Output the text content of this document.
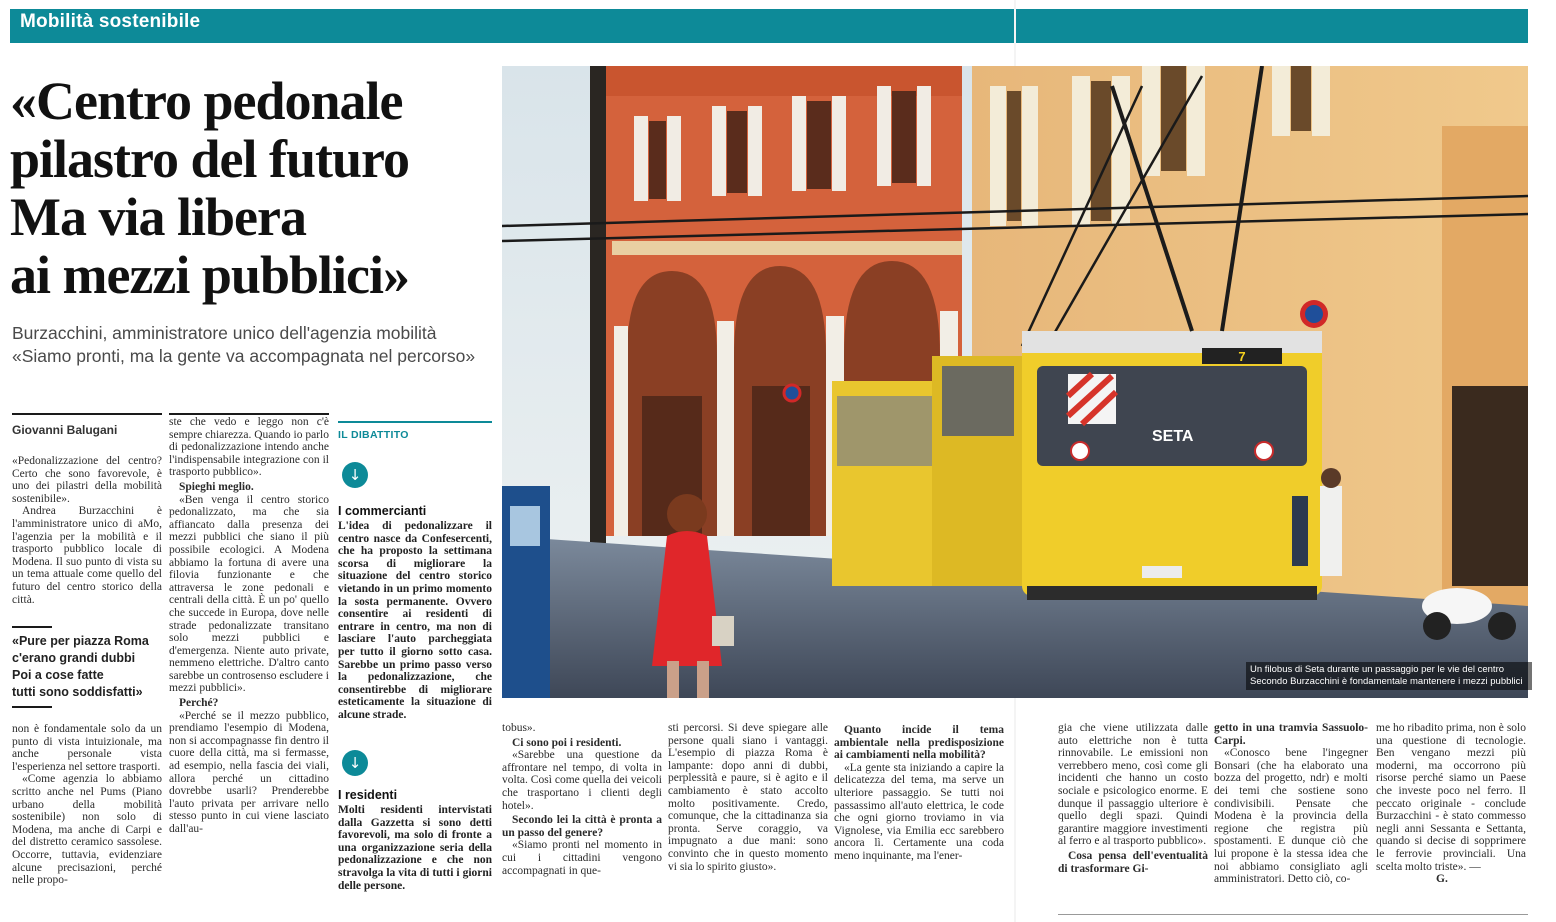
Mobilità sostenibile
«Centro pedonale
pilastro del futuro
Ma via libera
ai mezzi pubblici»
Burzacchini, amministratore unico dell'agenzia mobilità
«Siamo pronti, ma la gente va accompagnata nel percorso»
Giovanni Balugani

«Pedonalizzazione del centro? Certo che sono favorevole, è uno dei pilastri della mobilità sostenibile».

Andrea Burzacchini è l'amministratore unico di aMo, l'agenzia per la mobilità e il trasporto pubblico locale di Modena. Il suo punto di vista su un tema attuale come quello del futuro del centro storico della città.

«Pure per piazza Roma
c'erano grandi dubbi
Poi a cose fatte
tutti sono soddisfatti»

non è fondamentale solo da un punto di vista intuizionale, ma anche personale vista l'esperienza nel settore trasporti.

«Come agenzia lo abbiamo scritto anche nel Pums (Piano urbano della mobilità sostenibile) non solo di Modena, ma anche di Carpi e del distretto ceramico sassolese. Occorre, tuttavia, evidenziare alcune precisazioni, perché nelle propo-

ste che vedo e leggo non c'è sempre chiarezza. Quando io parlo di pedonalizzazione intendo anche l'indispensabile integrazione con il trasporto pubblico».

Spieghi meglio.

«Ben venga il centro storico pedonalizzato, ma che sia affiancato dalla presenza dei mezzi pubblici che siano il più possibile ecologici. A Modena abbiamo la fortuna di avere una filovia funzionante e che attraversa le zone pedonali e centrali della città. È un po' quello che succede in Europa, dove nelle strade pedonalizzate transitano solo mezzi pubblici e d'emergenza. Niente auto private, nemmeno elettriche. D'altro canto sarebbe un controsenso escludere i mezzi pubblici».

Perché?

«Perché se il mezzo pubblico, prendiamo l'esempio di Modena, non si accompagnasse fin dentro il cuore della città, ma si fermasse, ad esempio, nella fascia dei viali, allora perché un cittadino dovrebbe usarli? Prenderebbe l'auto privata per arrivare nello stesso punto in cui viene lasciato dall'au-

IL DIBATTITO
↓
I commercianti

L'idea di pedonalizzare il centro nasce da Confesercenti, che ha proposto la settimana scorsa di migliorare la situazione del centro storico vietando in un primo momento la sosta permanente. Ovvero consentire ai residenti di entrare in centro, ma non di lasciare l'auto parcheggiata per tutto il giorno sotto casa. Sarebbe un primo passo verso la pedonalizzazione, che consentirebbe di migliorare esteticamente la situazione di alcune strade.

↓
I residenti

Molti residenti intervistati dalla Gazzetta si sono detti favorevoli, ma solo di fronte a una organizzazione seria della pedonalizzazione e che non stravolga la vita di tutti i giorni delle persone.

7
SETA
Un filobus di Seta durante un passaggio per le vie del centro
Secondo Burzacchini è fondamentale mantenere i mezzi pubblici

tobus».

Ci sono poi i residenti.

«Sarebbe una questione da affrontare nel tempo, di volta in volta. Così come quella dei veicoli che trasportano i clienti degli hotel».

Secondo lei la città è pronta a un passo del genere?

«Siamo pronti nel momento in cui i cittadini vengono accompagnati in que-

sti percorsi. Si deve spiegare alle persone quali siano i vantaggi. L'esempio di piazza Roma è lampante: dopo anni di dubbi, perplessità e paure, si è agito e il cambiamento è stato accolto molto positivamente. Credo, comunque, che la cittadinanza sia pronta. Serve coraggio, va impugnato a due mani: sono convinto che in questo momento vi sia lo spirito giusto».

Quanto incide il tema ambientale nella predisposizione ai cambiamenti nella mobilità?

«La gente sta iniziando a capire la delicatezza del tema, ma serve un ulteriore passaggio. Se tutti noi passassimo all'auto elettrica, le code che ogni giorno troviamo in via Vignolese, via Emilia ecc sarebbero ancora lì. Certamente una coda meno inquinante, ma l'ener-

gia che viene utilizzata dalle auto elettriche non è tutta rinnovabile. Le emissioni non verrebbero meno, così come gli incidenti che hanno un costo sociale e psicologico enorme. E dunque il passaggio ulteriore è quello degli spazi. Quindi garantire maggiore investimenti al ferro e al trasporto pubblico».

Cosa pensa dell'eventualità di trasformare Gi-

getto in una tramvia Sassuolo-Carpi.

«Conosco bene l'ingegner Bonsari (che ha elaborato una bozza del progetto, ndr) e molti dei temi che sostiene sono condivisibili. Pensate che Modena è la provincia della regione che registra più spostamenti. E dunque ciò che lui propone è la stessa idea che noi abbiamo consigliato agli amministratori. Detto ciò, co-

me ho ribadito prima, non è solo una questione di tecnologie. Ben vengano mezzi più moderni, ma occorrono più risorse perché siamo un Paese che investe poco nel ferro. Il peccato originale - conclude Burzacchini - è stato commesso negli anni Sessanta e Settanta, quando si decise di sopprimere le ferrovie provinciali. Una scelta molto triste». —

G.
